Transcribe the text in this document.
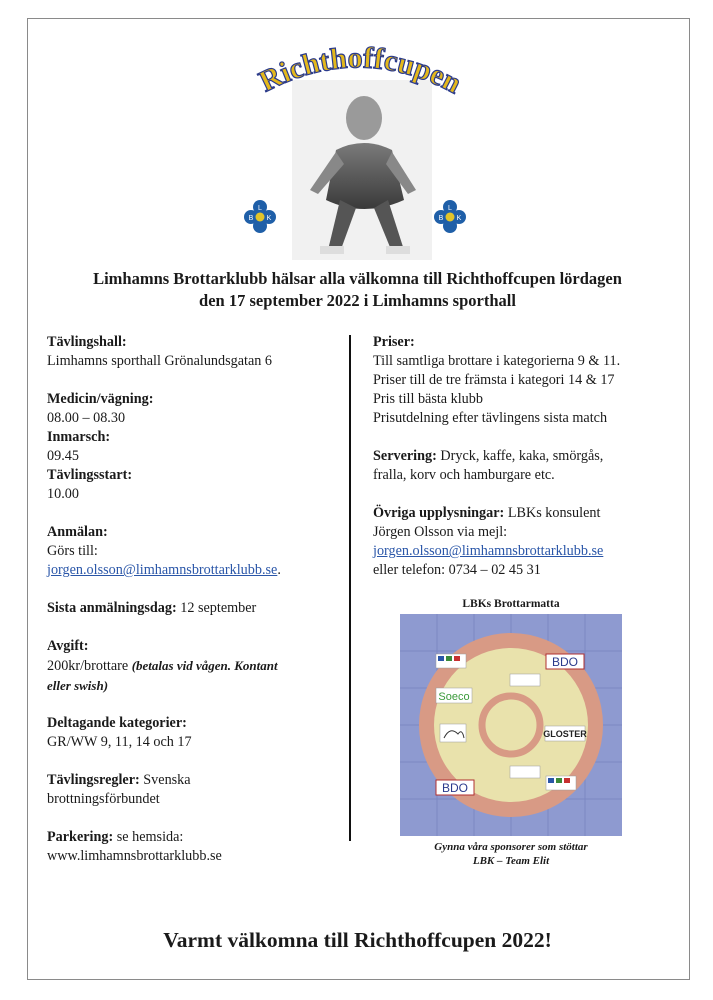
Richthoffcupen
L
B K
L
B K
Limhamns Brottarklubb hälsar alla välkomna till Richthoffcupen lördagen
den 17 september 2022 i Limhamns sporthall

Tävlingshall:

Limhamns sporthall Grönalundsgatan 6

Medicin/vägning:

08.00 – 08.30

Inmarsch:

09.45

Tävlingsstart:

10.00

Anmälan:

Görs till:

jorgen.olsson@limhamnsbrottarklubb.se.

Sista anmälningsdag: 12 september

Avgift:

200kr/brottare (betalas vid vågen. Kontant

eller swish)

Deltagande kategorier:

GR/WW 9, 11, 14 och 17

Tävlingsregler: Svenska

brottningsförbundet

Parkering: se hemsida:

www.limhamnsbrottarklubb.se

Priser:

Till samtliga brottare i kategorierna 9 & 11.

Priser till de tre främsta i kategori 14 & 17

Pris till bästa klubb

Prisutdelning efter tävlingens sista match

Servering: Dryck, kaffe, kaka, smörgås,

fralla, korv och hamburgare etc.

Övriga upplysningar: LBKs konsulent

Jörgen Olsson via mejl:

jorgen.olsson@limhamnsbrottarklubb.se

eller telefon: 0734 – 02 45 31

LBKs Brottarmatta
BDO
BDO
Soeco
GLOSTER
Gynna våra sponsorer som stöttar
LBK – Team Elit
Varmt välkomna till Richthoffcupen 2022!
